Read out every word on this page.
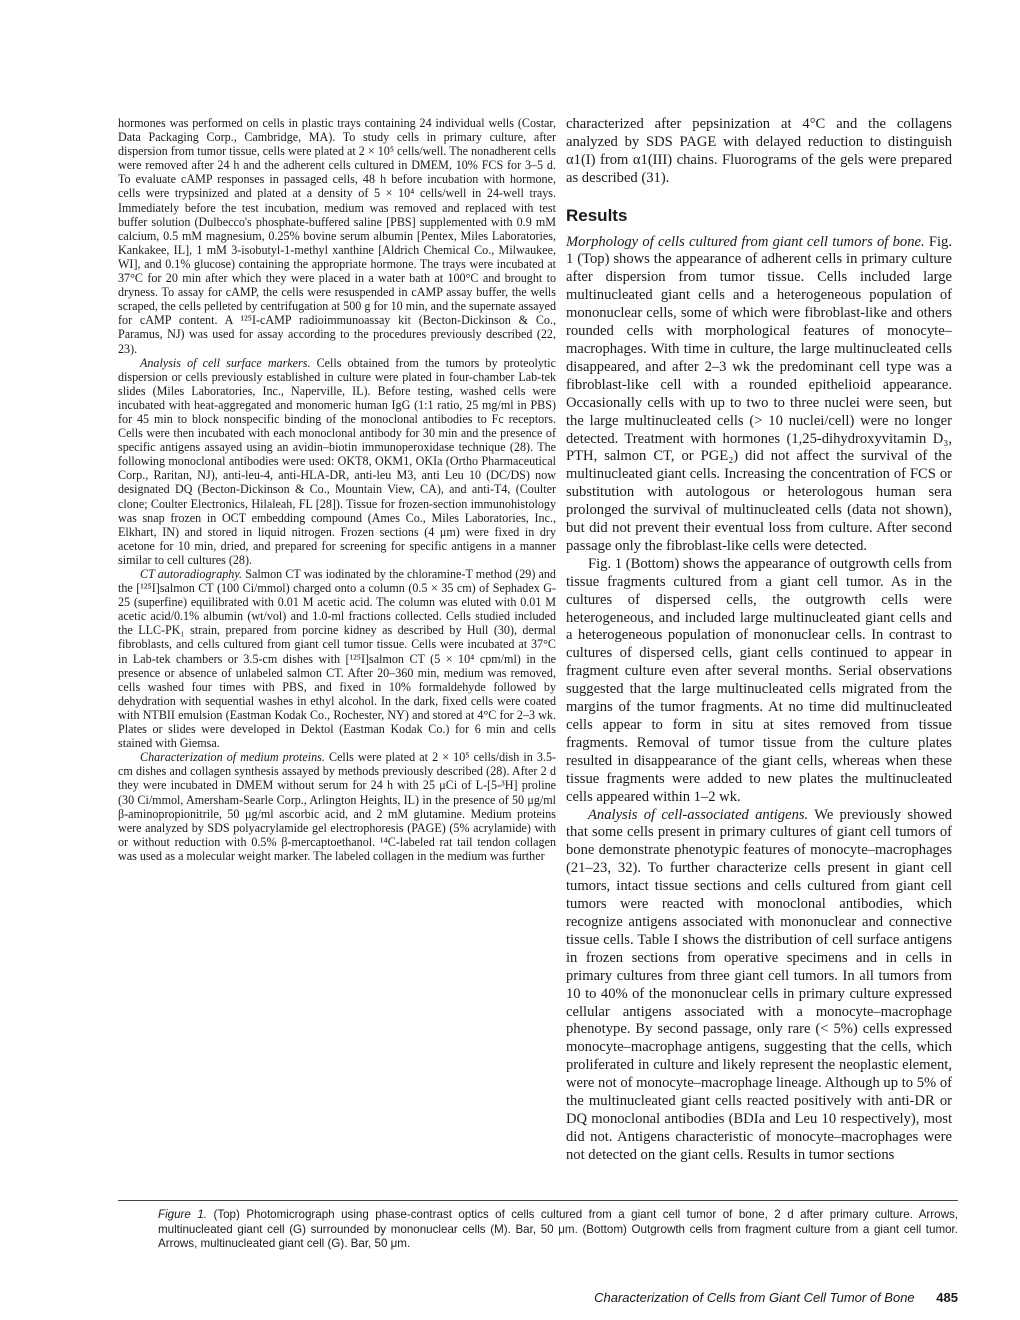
hormones was performed on cells in plastic trays containing 24 individual wells (Costar, Data Packaging Corp., Cambridge, MA). To study cells in primary culture, after dispersion from tumor tissue, cells were plated at 2 × 10⁵ cells/well. The nonadherent cells were removed after 24 h and the adherent cells cultured in DMEM, 10% FCS for 3–5 d. To evaluate cAMP responses in passaged cells, 48 h before incubation with hormone, cells were trypsinized and plated at a density of 5 × 10⁴ cells/well in 24-well trays. Immediately before the test incubation, medium was removed and replaced with test buffer solution (Dulbecco's phosphate-buffered saline [PBS] supplemented with 0.9 mM calcium, 0.5 mM magnesium, 0.25% bovine serum albumin [Pentex, Miles Laboratories, Kankakee, IL], 1 mM 3-isobutyl-1-methyl xanthine [Aldrich Chemical Co., Milwaukee, WI], and 0.1% glucose) containing the appropriate hormone. The trays were incubated at 37°C for 20 min after which they were placed in a water bath at 100°C and brought to dryness. To assay for cAMP, the cells were resuspended in cAMP assay buffer, the wells scraped, the cells pelleted by centrifugation at 500 g for 10 min, and the supernate assayed for cAMP content. A ¹²⁵I-cAMP radioimmunoassay kit (Becton-Dickinson & Co., Paramus, NJ) was used for assay according to the procedures previously described (22, 23).

Analysis of cell surface markers. Cells obtained from the tumors by proteolytic dispersion or cells previously established in culture were plated in four-chamber Lab-tek slides (Miles Laboratories, Inc., Naperville, IL). Before testing, washed cells were incubated with heat-aggregated and monomeric human IgG (1:1 ratio, 25 mg/ml in PBS) for 45 min to block nonspecific binding of the monoclonal antibodies to Fc receptors. Cells were then incubated with each monoclonal antibody for 30 min and the presence of specific antigens assayed using an avidin–biotin immunoperoxidase technique (28). The following monoclonal antibodies were used: OKT8, OKM1, OKIa (Ortho Pharmaceutical Corp., Raritan, NJ), anti-leu-4, anti-HLA-DR, anti-leu M3, anti Leu 10 (DC/DS) now designated DQ (Becton-Dickinson & Co., Mountain View, CA), and anti-T4, (Coulter clone; Coulter Electronics, Hilaleah, FL [28]). Tissue for frozen-section immunohistology was snap frozen in OCT embedding compound (Ames Co., Miles Laboratories, Inc., Elkhart, IN) and stored in liquid nitrogen. Frozen sections (4 μm) were fixed in dry acetone for 10 min, dried, and prepared for screening for specific antigens in a manner similar to cell cultures (28).

CT autoradiography. Salmon CT was iodinated by the chloramine-T method (29) and the [¹²⁵I]salmon CT (100 Ci/mmol) charged onto a column (0.5 × 35 cm) of Sephadex G-25 (superfine) equilibrated with 0.01 M acetic acid. The column was eluted with 0.01 M acetic acid/0.1% albumin (wt/vol) and 1.0-ml fractions collected. Cells studied included the LLC-PK₁ strain, prepared from porcine kidney as described by Hull (30), dermal fibroblasts, and cells cultured from giant cell tumor tissue. Cells were incubated at 37°C in Lab-tek chambers or 3.5-cm dishes with [¹²⁵I]salmon CT (5 × 10⁴ cpm/ml) in the presence or absence of unlabeled salmon CT. After 20–360 min, medium was removed, cells washed four times with PBS, and fixed in 10% formaldehyde followed by dehydration with sequential washes in ethyl alcohol. In the dark, fixed cells were coated with NTBII emulsion (Eastman Kodak Co., Rochester, NY) and stored at 4°C for 2–3 wk. Plates or slides were developed in Dektol (Eastman Kodak Co.) for 6 min and cells stained with Giemsa.

Characterization of medium proteins. Cells were plated at 2 × 10⁵ cells/dish in 3.5-cm dishes and collagen synthesis assayed by methods previously described (28). After 2 d they were incubated in DMEM without serum for 24 h with 25 μCi of L-[5-³H] proline (30 Ci/mmol, Amersham-Searle Corp., Arlington Heights, IL) in the presence of 50 μg/ml β-aminopropionitrile, 50 μg/ml ascorbic acid, and 2 mM glutamine. Medium proteins were analyzed by SDS polyacrylamide gel electrophoresis (PAGE) (5% acrylamide) with or without reduction with 0.5% β-mercaptoethanol. ¹⁴C-labeled rat tail tendon collagen was used as a molecular weight marker. The labeled collagen in the medium was further

characterized after pepsinization at 4°C and the collagens analyzed by SDS PAGE with delayed reduction to distinguish α1(I) from α1(III) chains. Fluorograms of the gels were prepared as described (31).

Results

Morphology of cells cultured from giant cell tumors of bone. Fig. 1 (Top) shows the appearance of adherent cells in primary culture after dispersion from tumor tissue. Cells included large multinucleated giant cells and a heterogeneous population of mononuclear cells, some of which were fibroblast-like and others rounded cells with morphological features of monocyte–macrophages. With time in culture, the large multinucleated cells disappeared, and after 2–3 wk the predominant cell type was a fibroblast-like cell with a rounded epithelioid appearance. Occasionally cells with up to two to three nuclei were seen, but the large multinucleated cells (> 10 nuclei/cell) were no longer detected. Treatment with hormones (1,25-dihydroxyvitamin D₃, PTH, salmon CT, or PGE₂) did not affect the survival of the multinucleated giant cells. Increasing the concentration of FCS or substitution with autologous or heterologous human sera prolonged the survival of multinucleated cells (data not shown), but did not prevent their eventual loss from culture. After second passage only the fibroblast-like cells were detected.

Fig. 1 (Bottom) shows the appearance of outgrowth cells from tissue fragments cultured from a giant cell tumor. As in the cultures of dispersed cells, the outgrowth cells were heterogeneous, and included large multinucleated giant cells and a heterogeneous population of mononuclear cells. In contrast to cultures of dispersed cells, giant cells continued to appear in fragment culture even after several months. Serial observations suggested that the large multinucleated cells migrated from the margins of the tumor fragments. At no time did multinucleated cells appear to form in situ at sites removed from tissue fragments. Removal of tumor tissue from the culture plates resulted in disappearance of the giant cells, whereas when these tissue fragments were added to new plates the multinucleated cells appeared within 1–2 wk.

Analysis of cell-associated antigens. We previously showed that some cells present in primary cultures of giant cell tumors of bone demonstrate phenotypic features of monocyte–macrophages (21–23, 32). To further characterize cells present in giant cell tumors, intact tissue sections and cells cultured from giant cell tumors were reacted with monoclonal antibodies, which recognize antigens associated with mononuclear and connective tissue cells. Table I shows the distribution of cell surface antigens in frozen sections from operative specimens and in cells in primary cultures from three giant cell tumors. In all tumors from 10 to 40% of the mononuclear cells in primary culture expressed cellular antigens associated with a monocyte–macrophage phenotype. By second passage, only rare (< 5%) cells expressed monocyte–macrophage antigens, suggesting that the cells, which proliferated in culture and likely represent the neoplastic element, were not of monocyte–macrophage lineage. Although up to 5% of the multinucleated giant cells reacted positively with anti-DR or DQ monoclonal antibodies (BDIa and Leu 10 respectively), most did not. Antigens characteristic of monocyte–macrophages were not detected on the giant cells. Results in tumor sections

Figure 1. (Top) Photomicrograph using phase-contrast optics of cells cultured from a giant cell tumor of bone, 2 d after primary culture. Arrows, multinucleated giant cell (G) surrounded by mononuclear cells (M). Bar, 50 μm. (Bottom) Outgrowth cells from fragment culture from a giant cell tumor. Arrows, multinucleated giant cell (G). Bar, 50 μm.
Characterization of Cells from Giant Cell Tumor of Bone 485
